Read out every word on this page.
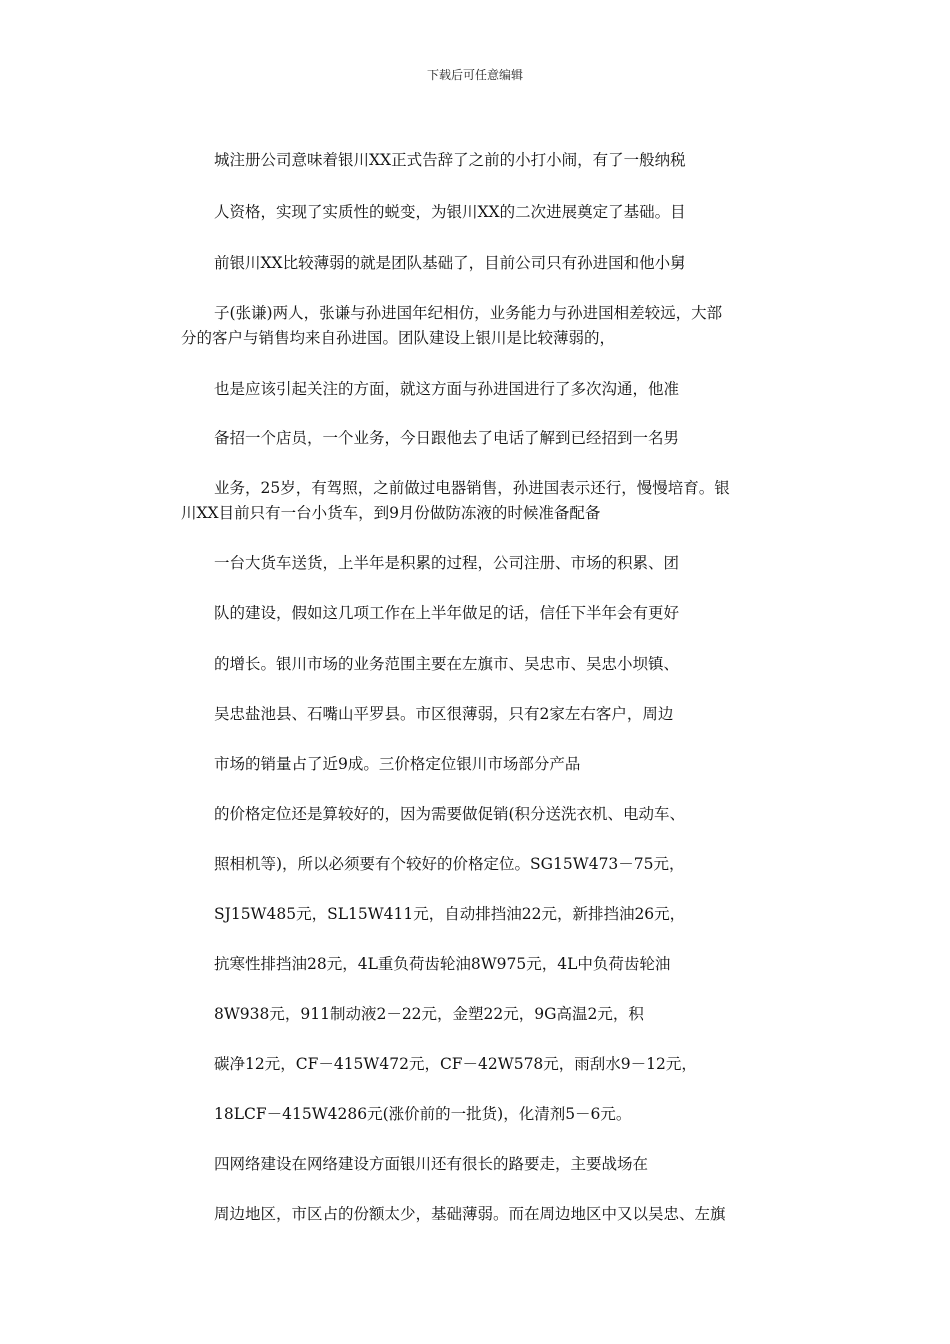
下载后可任意编辑
城注册公司意味着银川XX正式告辞了之前的小打小闹，有了一般纳税
人资格，实现了实质性的蜕变，为银川XX的二次进展奠定了基础。目
前银川XX比较薄弱的就是团队基础了，目前公司只有孙进国和他小舅
子(张谦)两人，张谦与孙进国年纪相仿，业务能力与孙进国相差较远，大部
分的客户与销售均来自孙进国。团队建设上银川是比较薄弱的，
也是应该引起关注的方面，就这方面与孙进国进行了多次沟通，他准
备招一个店员，一个业务，今日跟他去了电话了解到已经招到一名男
业务，25岁，有驾照，之前做过电器销售，孙进国表示还行，慢慢培育。银
川XX目前只有一台小货车，到9月份做防冻液的时候准备配备
一台大货车送货，上半年是积累的过程，公司注册、市场的积累、团
队的建设，假如这几项工作在上半年做足的话，信任下半年会有更好
的增长。银川市场的业务范围主要在左旗市、吴忠市、吴忠小坝镇、
吴忠盐池县、石嘴山平罗县。市区很薄弱，只有2家左右客户，周边
市场的销量占了近9成。三价格定位银川市场部分产品
的价格定位还是算较好的，因为需要做促销(积分送洗衣机、电动车、
照相机等)，所以必须要有个较好的价格定位。SG15W473－75元，
SJ15W485元，SL15W411元，自动排挡油22元，新排挡油26元，
抗寒性排挡油28元，4L重负荷齿轮油8W975元，4L中负荷齿轮油
8W938元，911制动液2－22元，金塑22元，9G高温2元，积
碳净12元，CF－415W472元，CF－42W578元，雨刮水9－12元，
18LCF－415W4286元(涨价前的一批货)，化清剂5－6元。
四网络建设在网络建设方面银川还有很长的路要走，主要战场在
周边地区，市区占的份额太少，基础薄弱。而在周边地区中又以吴忠、左旗
